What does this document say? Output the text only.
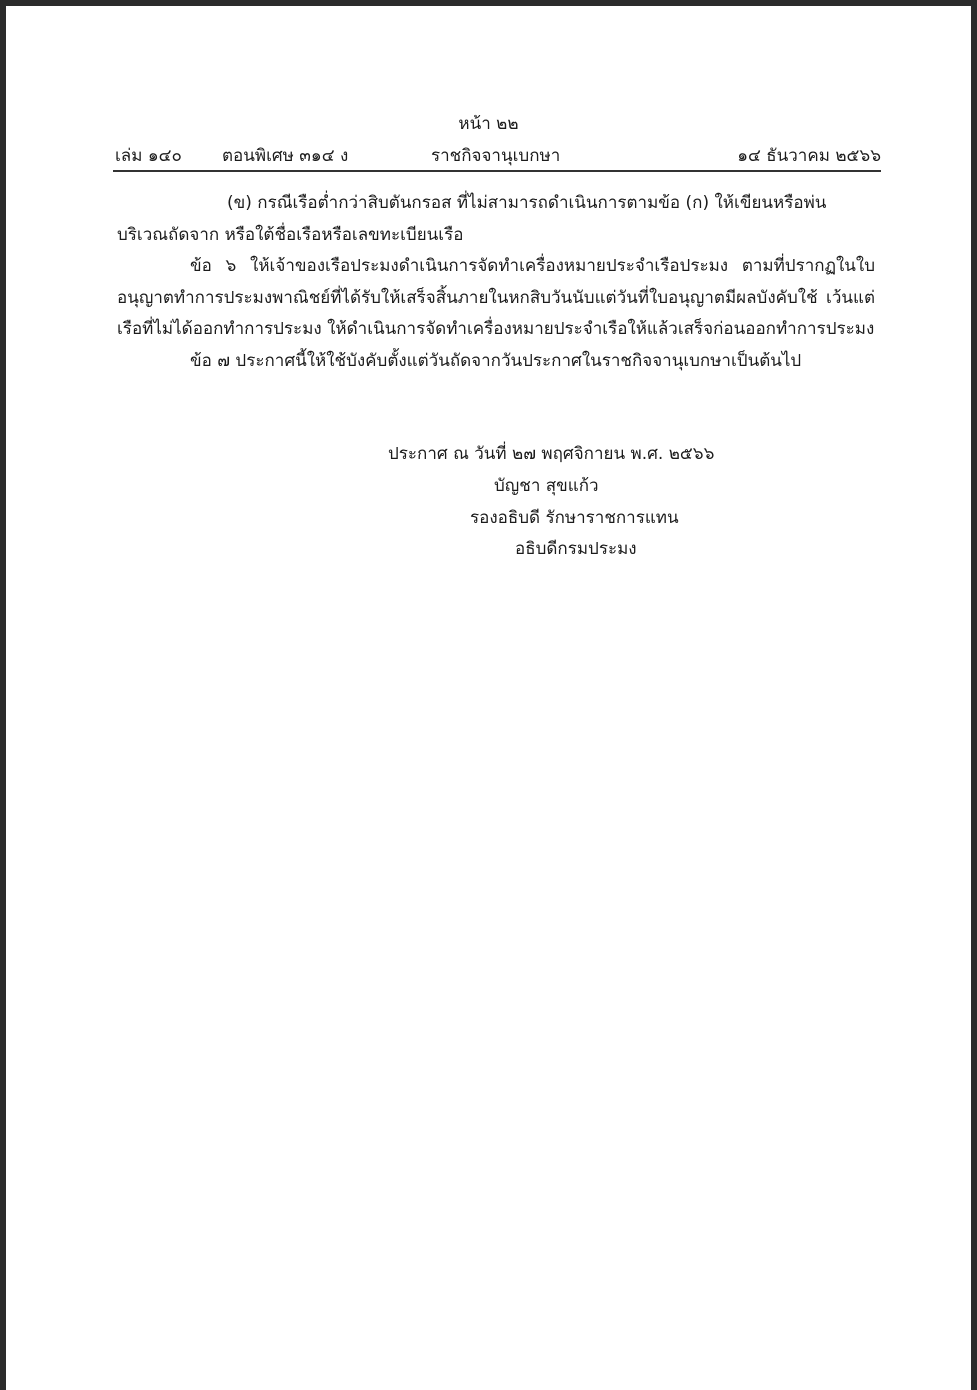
หน้า ๒๒
เล่ม ๑๔๐ ตอนพิเศษ ๓๑๔ ง	ราชกิจจานุเบกษา	๑๔ ธันวาคม ๒๕๖๖

(ข) กรณีเรือต่ำกว่าสิบตันกรอส ที่ไม่สามารถดำเนินการตามข้อ (ก) ให้เขียนหรือพ่น
บริเวณถัดจาก หรือใต้ชื่อเรือหรือเลขทะเบียนเรือ

ข้อ ๖ ให้เจ้าของเรือประมงดำเนินการจัดทำเครื่องหมายประจำเรือประมง ตามที่ปรากฏในใบอนุญาตทำการประมงพาณิชย์ที่ได้รับให้เสร็จสิ้นภายในหกสิบวันนับแต่วันที่ใบอนุญาตมีผลบังคับใช้ เว้นแต่เรือที่ไม่ได้ออกทำการประมง ให้ดำเนินการจัดทำเครื่องหมายประจำเรือให้แล้วเสร็จก่อนออกทำการประมง

ข้อ ๗ ประกาศนี้ให้ใช้บังคับตั้งแต่วันถัดจากวันประกาศในราชกิจจานุเบกษาเป็นต้นไป

ประกาศ ณ วันที่ ๒๗ พฤศจิกายน พ.ศ. ๒๕๖๖
บัญชา สุขแก้ว
รองอธิบดี รักษาราชการแทน
อธิบดีกรมประมง
